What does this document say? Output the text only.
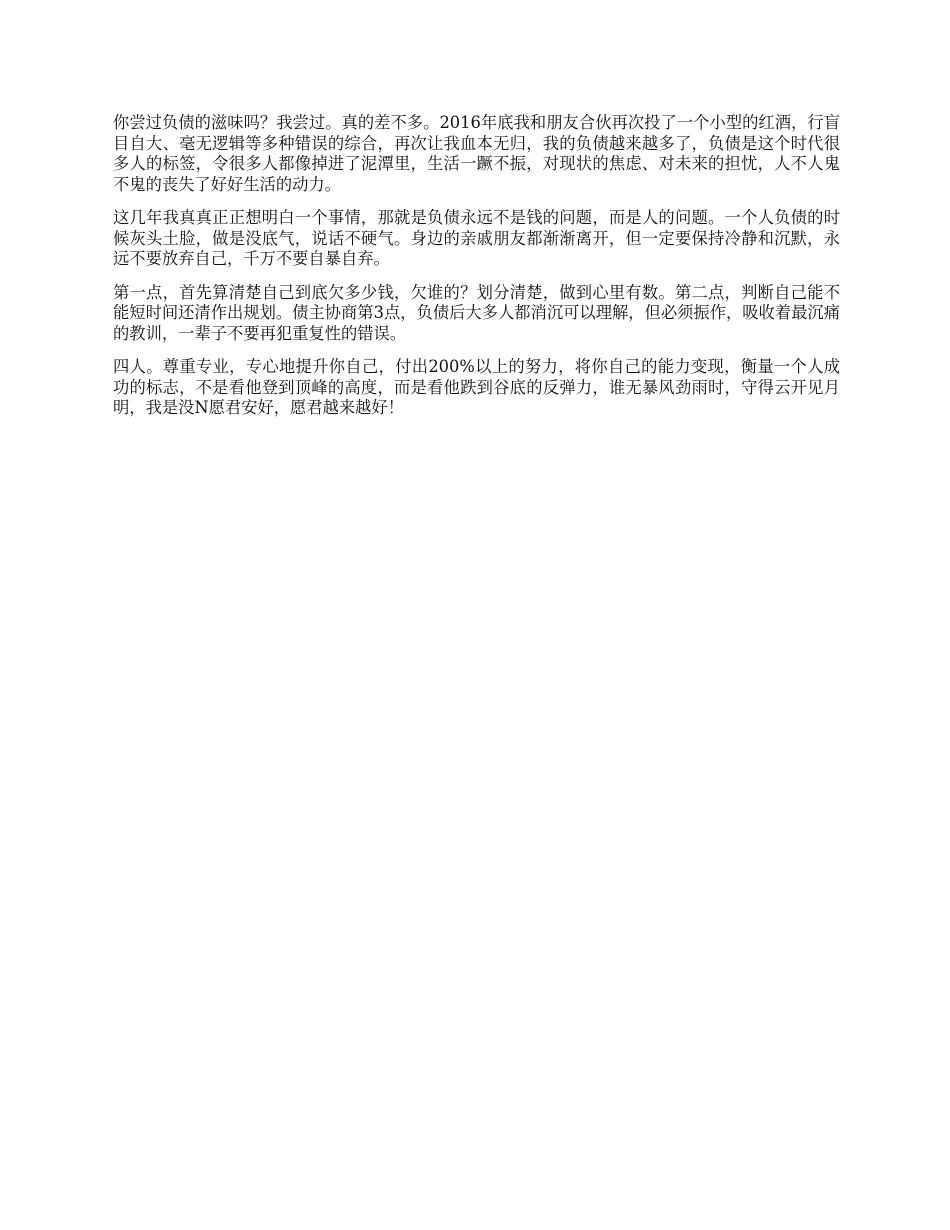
你尝过负债的滋味吗？我尝过。真的差不多。2016年底我和朋友合伙再次投了一个小型的红酒，行盲目自大、毫无逻辑等多种错误的综合，再次让我血本无归，我的负债越来越多了，负债是这个时代很多人的标签，令很多人都像掉进了泥潭里，生活一蹶不振，对现状的焦虑、对未来的担忧，人不人鬼不鬼的丧失了好好生活的动力。

这几年我真真正正想明白一个事情，那就是负债永远不是钱的问题，而是人的问题。一个人负债的时候灰头土脸，做是没底气，说话不硬气。身边的亲戚朋友都渐渐离开，但一定要保持冷静和沉默，永远不要放弃自己，千万不要自暴自弃。

第一点，首先算清楚自己到底欠多少钱，欠谁的？划分清楚，做到心里有数。第二点，判断自己能不能短时间还清作出规划。债主协商第3点，负债后大多人都消沉可以理解，但必须振作，吸收着最沉痛的教训，一辈子不要再犯重复性的错误。

四人。尊重专业，专心地提升你自己，付出200%以上的努力，将你自己的能力变现，衡量一个人成功的标志，不是看他登到顶峰的高度，而是看他跌到谷底的反弹力，谁无暴风劲雨时，守得云开见月明，我是没N愿君安好，愿君越来越好！
